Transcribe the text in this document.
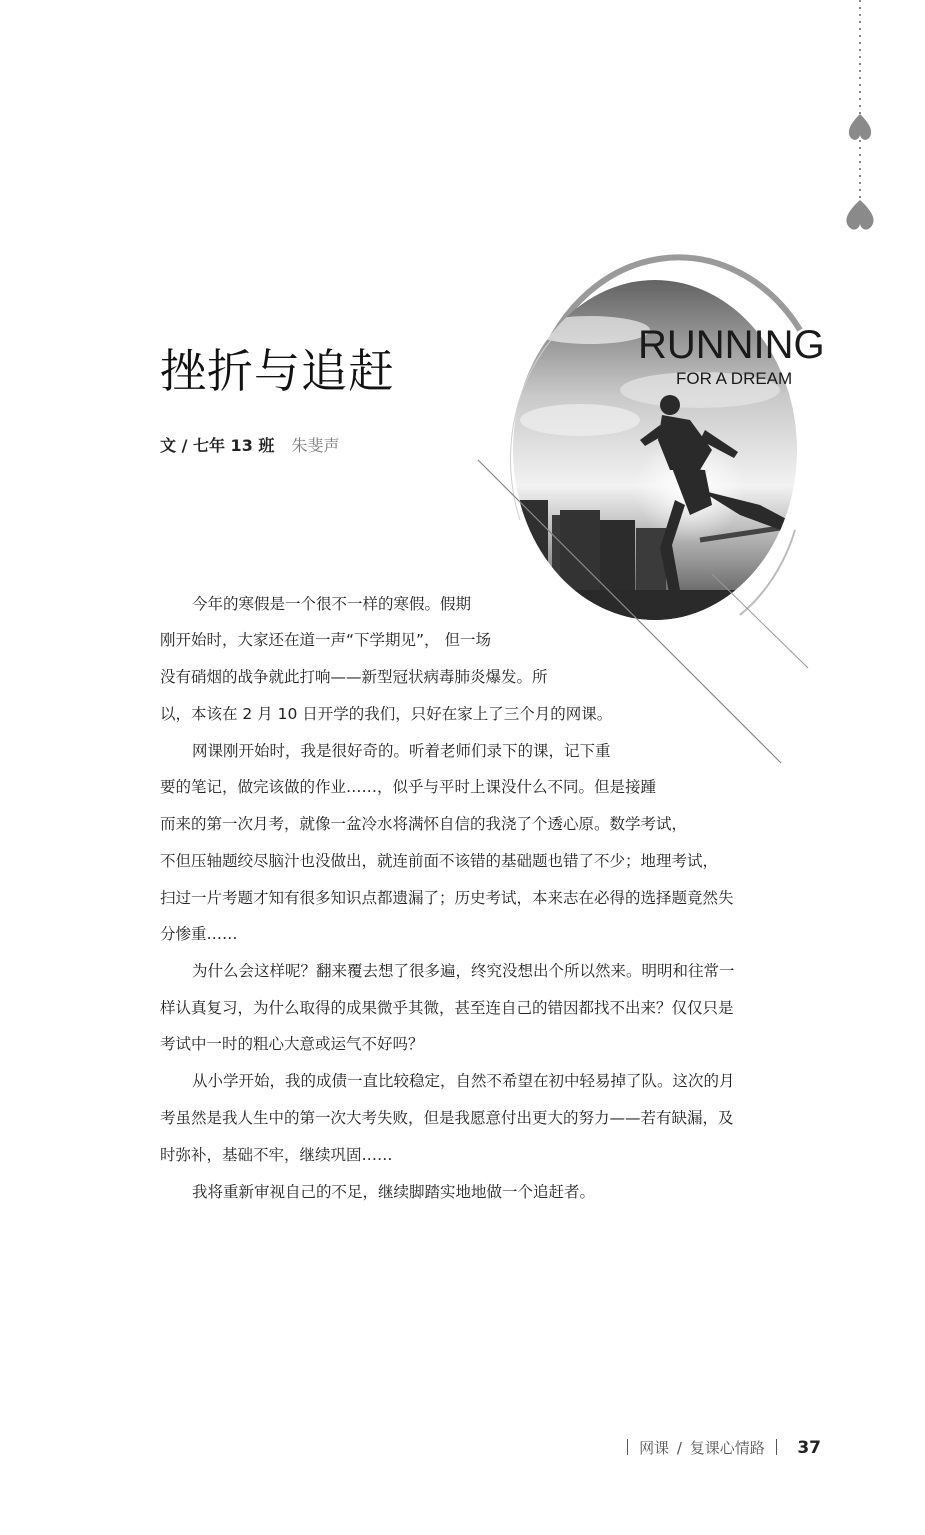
RUNNING
FOR A DREAM
挫折与追赶
文 / 七年 13 班 朱斐声
今年的寒假是一个很不一样的寒假。假期
刚开始时，大家还在道一声“下学期见”， 但一场
没有硝烟的战争就此打响——新型冠状病毒肺炎爆发。所
以，本该在 2 月 10 日开学的我们，只好在家上了三个月的网课。
网课刚开始时，我是很好奇的。听着老师们录下的课，记下重
要的笔记，做完该做的作业……，似乎与平时上课没什么不同。但是接踵
而来的第一次月考，就像一盆冷水将满怀自信的我浇了个透心原。数学考试，
不但压轴题绞尽脑汁也没做出，就连前面不该错的基础题也错了不少；地理考试，
扫过一片考题才知有很多知识点都遗漏了；历史考试，本来志在必得的选择题竟然失
分惨重……
为什么会这样呢？翻来覆去想了很多遍，终究没想出个所以然来。明明和往常一
样认真复习，为什么取得的成果微乎其微，甚至连自己的错因都找不出来？仅仅只是
考试中一时的粗心大意或运气不好吗？
从小学开始，我的成债一直比较稳定，自然不希望在初中轻易掉了队。这次的月
考虽然是我人生中的第一次大考失败，但是我愿意付出更大的努力——若有缺漏，及
时弥补，基础不牢，继续巩固……
我将重新审视自己的不足，继续脚踏实地地做一个追赶者。
网课 / 复课心情路 37
